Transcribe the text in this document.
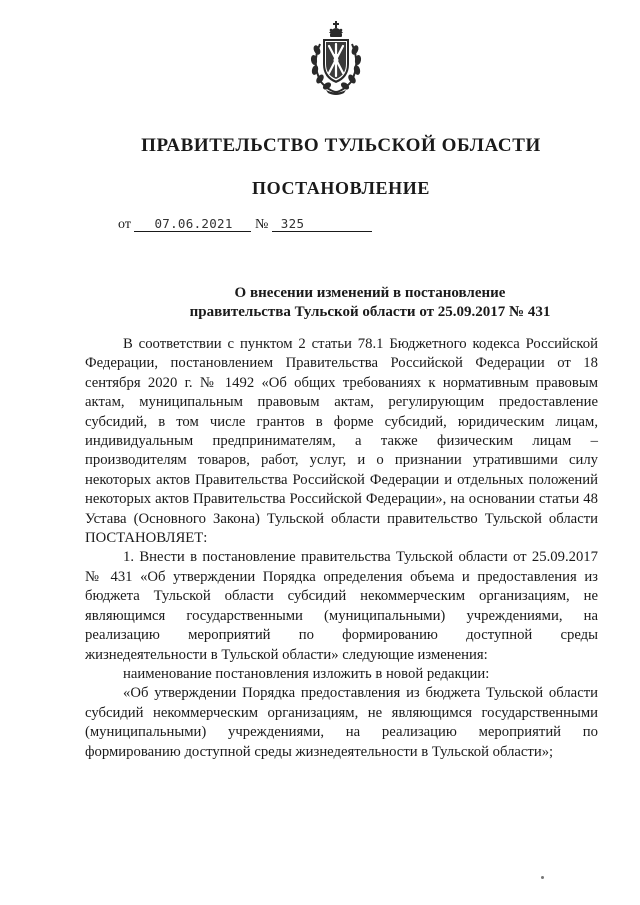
ПРАВИТЕЛЬСТВО ТУЛЬСКОЙ ОБЛАСТИ
ПОСТАНОВЛЕНИЕ
от 07.06.2021 № 325
О внесении изменений в постановление
правительства Тульской области от 25.09.2017 № 431

В соответствии с пунктом 2 статьи 78.1 Бюджетного кодекса Российской Федерации, постановлением Правительства Российской Федерации от 18 сентября 2020 г. № 1492 «Об общих требованиях к нормативным правовым актам, муниципальным правовым актам, регулирующим предоставление субсидий, в том числе грантов в форме субсидий, юридическим лицам, индивидуальным предпринимателям, а также физическим лицам – производителям товаров, работ, услуг, и о признании утратившими силу некоторых актов Правительства Российской Федерации и отдельных положений некоторых актов Правительства Российской Федерации», на основании статьи 48 Устава (Основного Закона) Тульской области правительство Тульской области ПОСТАНОВЛЯЕТ:

1. Внести в постановление правительства Тульской области от 25.09.2017 № 431 «Об утверждении Порядка определения объема и предоставления из бюджета Тульской области субсидий некоммерческим организациям, не являющимся государственными (муниципальными) учреждениями, на реализацию мероприятий по формированию доступной среды жизнедеятельности в Тульской области» следующие изменения:

наименование постановления изложить в новой редакции:

«Об утверждении Порядка предоставления из бюджета Тульской области субсидий некоммерческим организациям, не являющимся государственными (муниципальными) учреждениями, на реализацию мероприятий по формированию доступной среды жизнедеятельности в Тульской области»;
